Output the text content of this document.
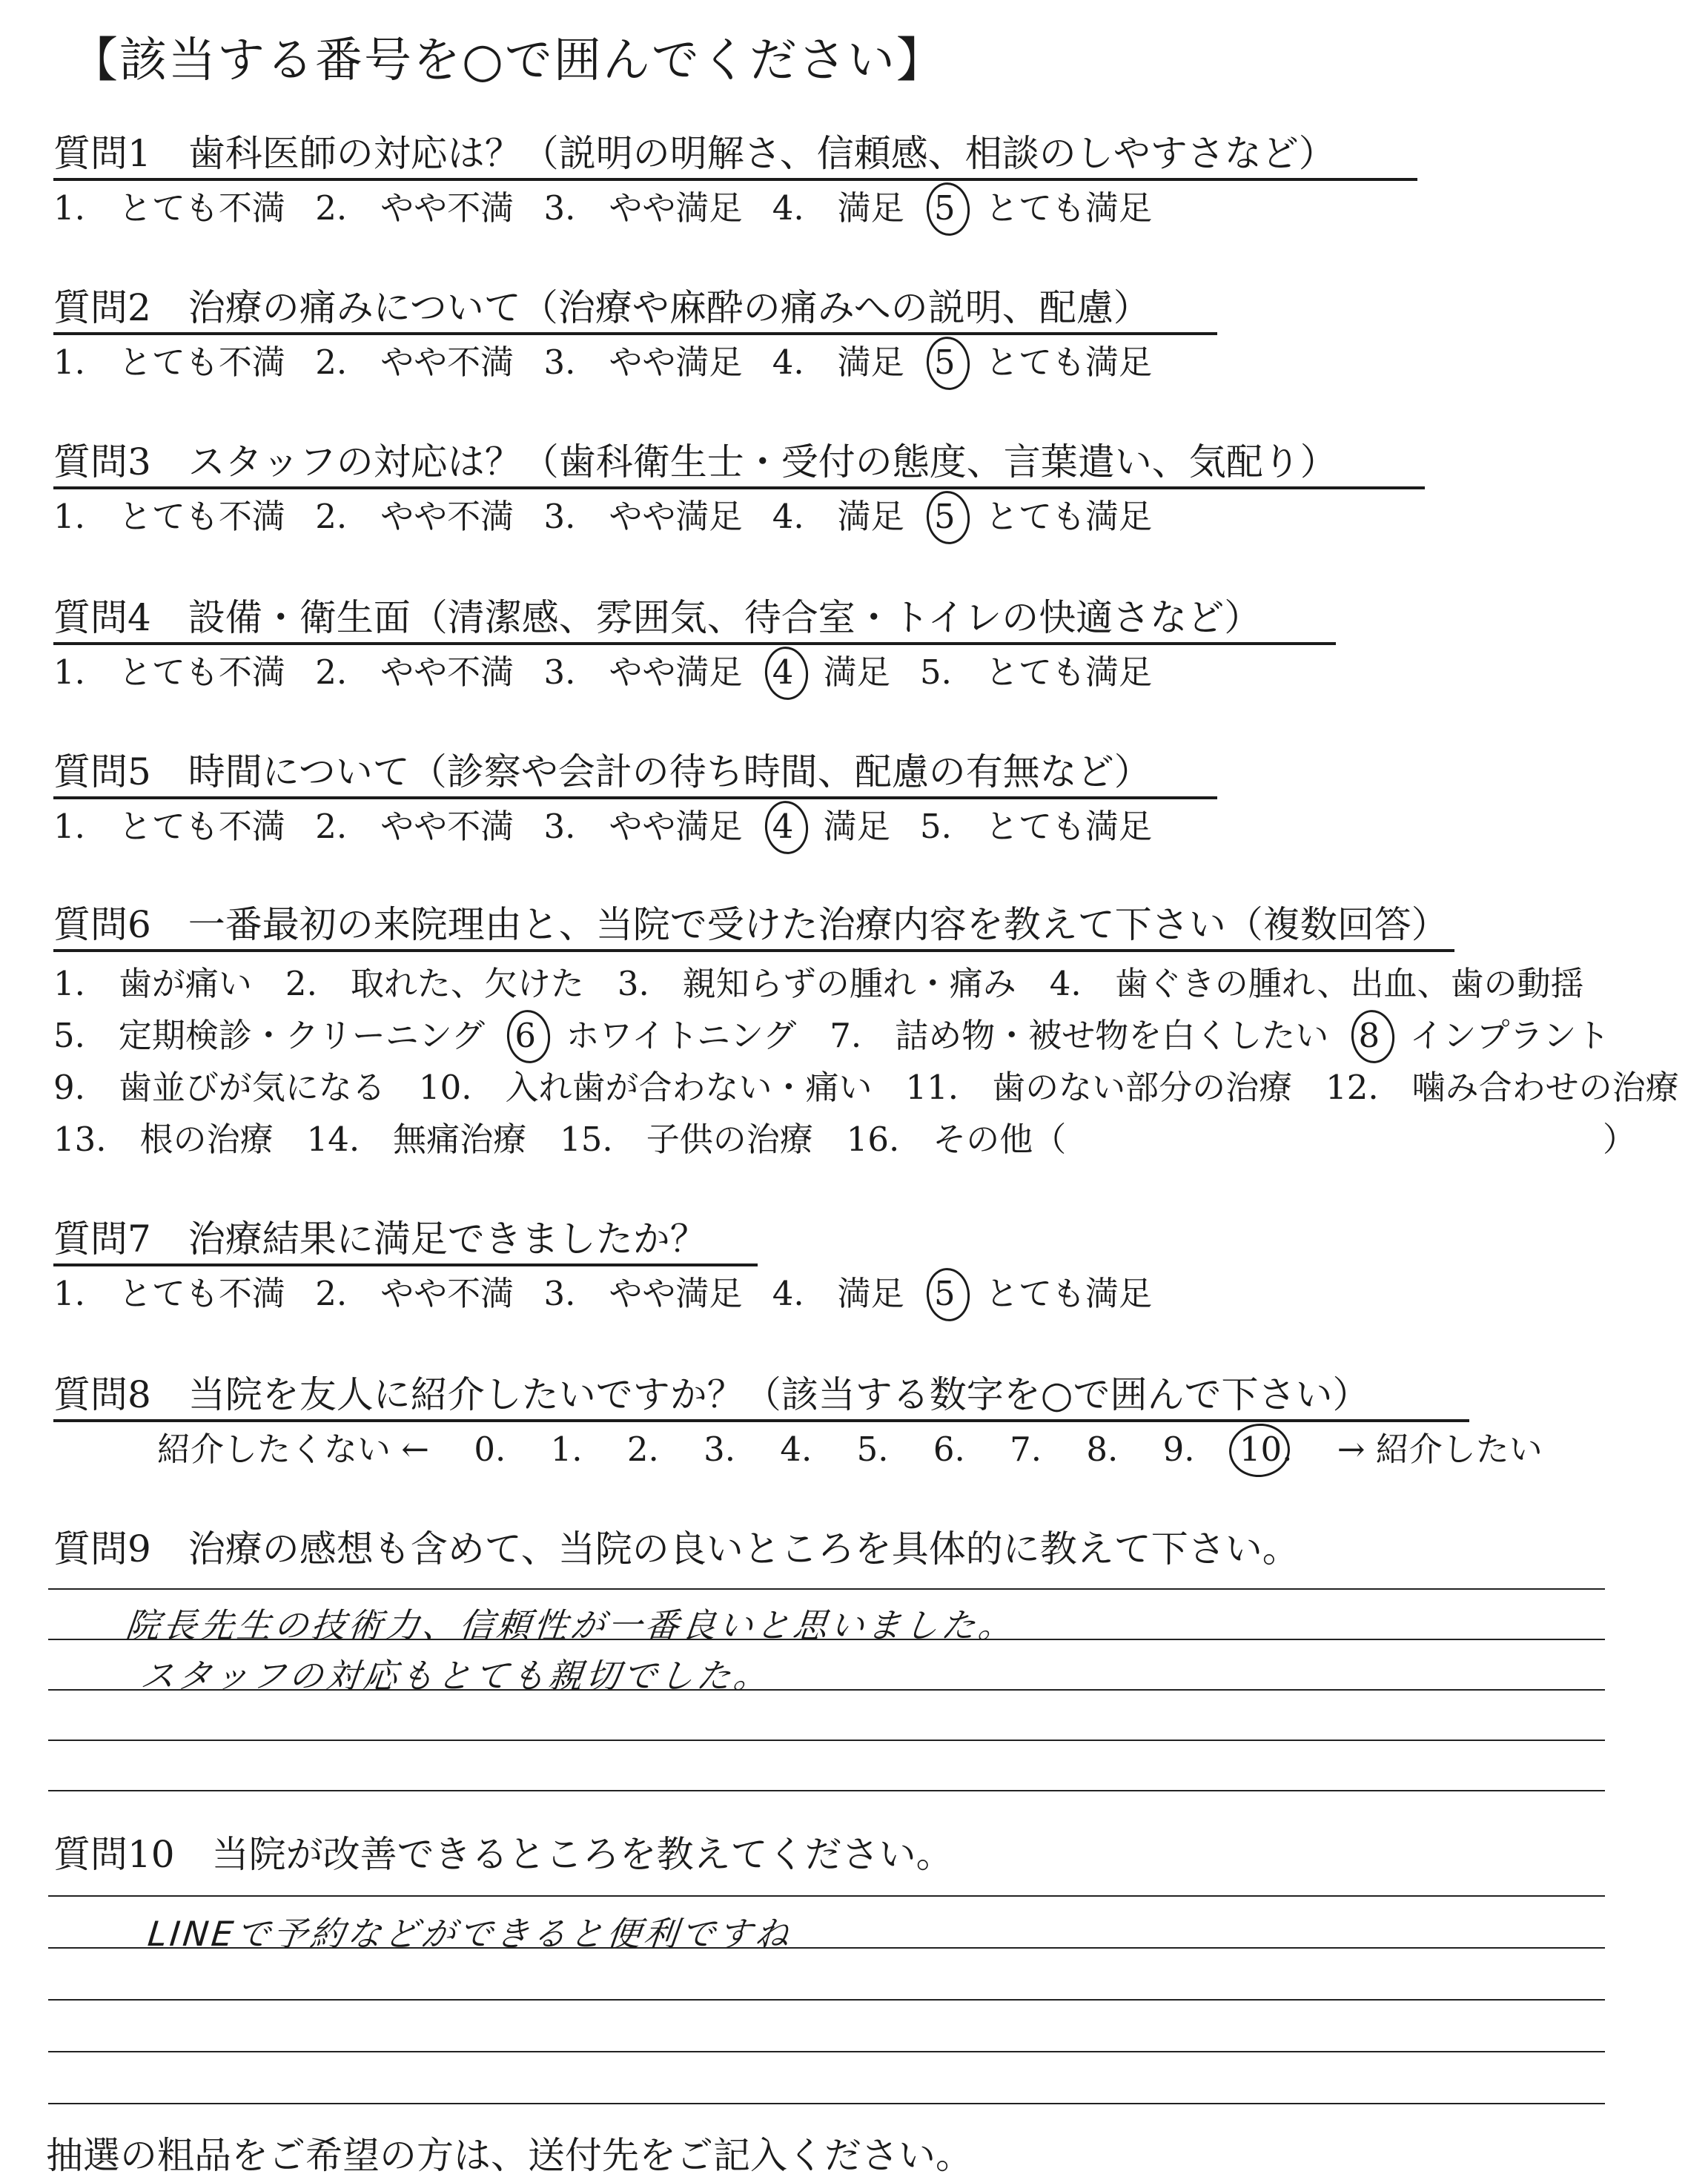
【該当する番号を○で囲んでください】
質問1　歯科医師の対応は？（説明の明解さ、信頼感、相談のしやすさなど）
1.　とても不満 2.　やや不満 3.　やや満足 4.　満足 5 とても満足
質問2　治療の痛みについて（治療や麻酔の痛みへの説明、配慮）
1.　とても不満 2.　やや不満 3.　やや満足 4.　満足 5 とても満足
質問3　スタッフの対応は？（歯科衛生士・受付の態度、言葉遣い、気配り）
1.　とても不満 2.　やや不満 3.　やや満足 4.　満足 5 とても満足
質問4　設備・衛生面（清潔感、雰囲気、待合室・トイレの快適さなど）
1.　とても不満 2.　やや不満 3.　やや満足 4 満足 5.　とても満足
質問5　時間について（診察や会計の待ち時間、配慮の有無など）
1.　とても不満 2.　やや不満 3.　やや満足 4 満足 5.　とても満足
質問6　一番最初の来院理由と、当院で受けた治療内容を教えて下さい（複数回答）
1.　歯が痛い　2.　取れた、欠けた　3.　親知らずの腫れ・痛み　4.　歯ぐきの腫れ、出血、歯の動揺
5.　定期検診・クリーニング 6 ホワイトニング　7.　詰め物・被せ物を白くしたい 8 インプラント
9.　歯並びが気になる　10.　入れ歯が合わない・痛い　11.　歯のない部分の治療　12.　噛み合わせの治療
13.　根の治療　14.　無痛治療　15.　子供の治療　16.　その他（	）
質問7　治療結果に満足できましたか？
1.　とても不満 2.　やや不満 3.　やや満足 4.　満足 5 とても満足
質問8　当院を友人に紹介したいですか？（該当する数字を○で囲んで下さい）
紹介したくない ← 0. 1. 2. 3. 4. 5. 6. 7. 8. 9. 10. → 紹介したい
質問9　治療の感想も含めて、当院の良いところを具体的に教えて下さい。
院長先生の技術力、信頼性が一番良いと思いました。
スタッフの対応もとても親切でした。
質問10　当院が改善できるところを教えてください。
LINEで予約などができると便利ですね
抽選の粗品をご希望の方は、送付先をご記入ください。
